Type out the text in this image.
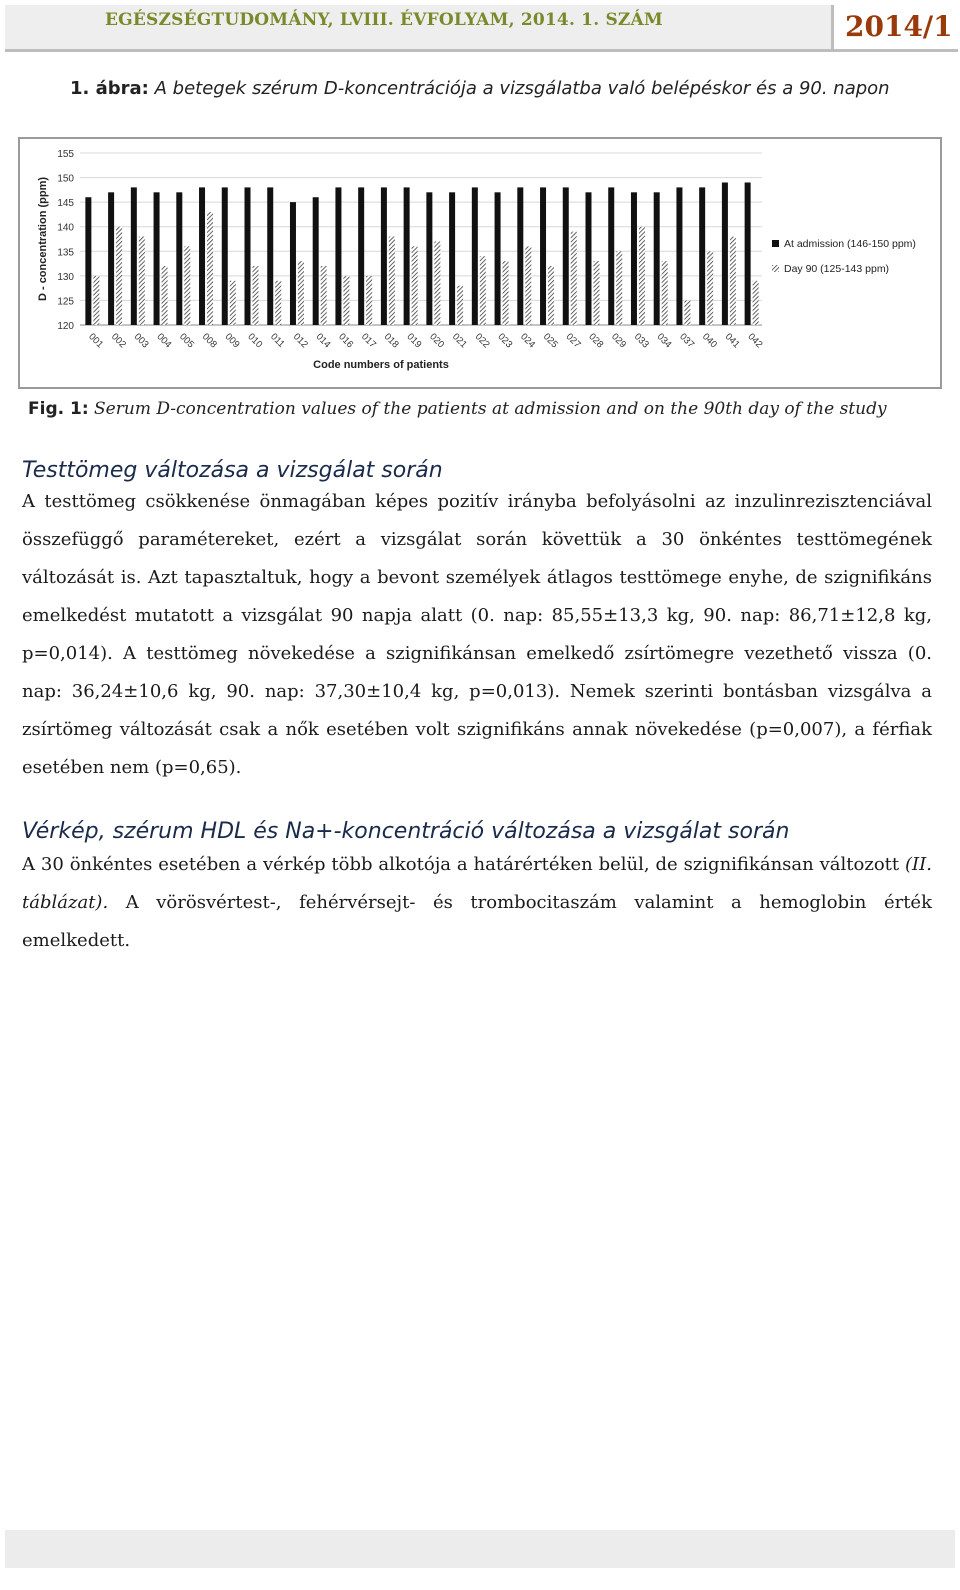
EGÉSZSÉGTUDOMÁNY, LVIII. ÉVFOLYAM, 2014. 1. SZÁM	2014/1
1. ábra: A betegek szérum D-koncentrációja a vizsgálatba való belépéskor és a 90. napon
120
125
130
135
140
145
150
155
D - concentration (ppm)
001 002 003 004 005 008 009 010 011 012 014 016 017 018 019 020 021 022 023 024 025 027 028 029 033 034 037 040 041 042
Code numbers of patients
At admission (146-150 ppm)
Day 90 (125-143 ppm)
Fig. 1: Serum D-concentration values of the patients at admission and on the 90th day of the study
Testtömeg változása a vizsgálat során

A testtömeg csökkenése önmagában képes pozitív irányba befolyásolni az inzulinrezisztenciával összefüggő paramétereket, ezért a vizsgálat során követtük a 30 önkéntes testtömegének változását is. Azt tapasztaltuk, hogy a bevont személyek átlagos testtömege enyhe, de szignifikáns emelkedést mutatott a vizsgálat 90 napja alatt (0. nap: 85,55±13,3 kg, 90. nap: 86,71±12,8 kg, p=0,014). A testtömeg növekedése a szignifikánsan emelkedő zsírtömegre vezethető vissza (0. nap: 36,24±10,6 kg, 90. nap: 37,30±10,4 kg, p=0,013). Nemek szerinti bontásban vizsgálva a zsírtömeg változását csak a nők esetében volt szignifikáns annak növekedése (p=0,007), a férfiak esetében nem (p=0,65).

Vérkép, szérum HDL és Na+-koncentráció változása a vizsgálat során

A 30 önkéntes esetében a vérkép több alkotója a határértéken belül, de szignifikánsan változott (II. táblázat). A vörösvértest-, fehérvérsejt- és trombocitaszám valamint a hemoglobin érték emelkedett.
